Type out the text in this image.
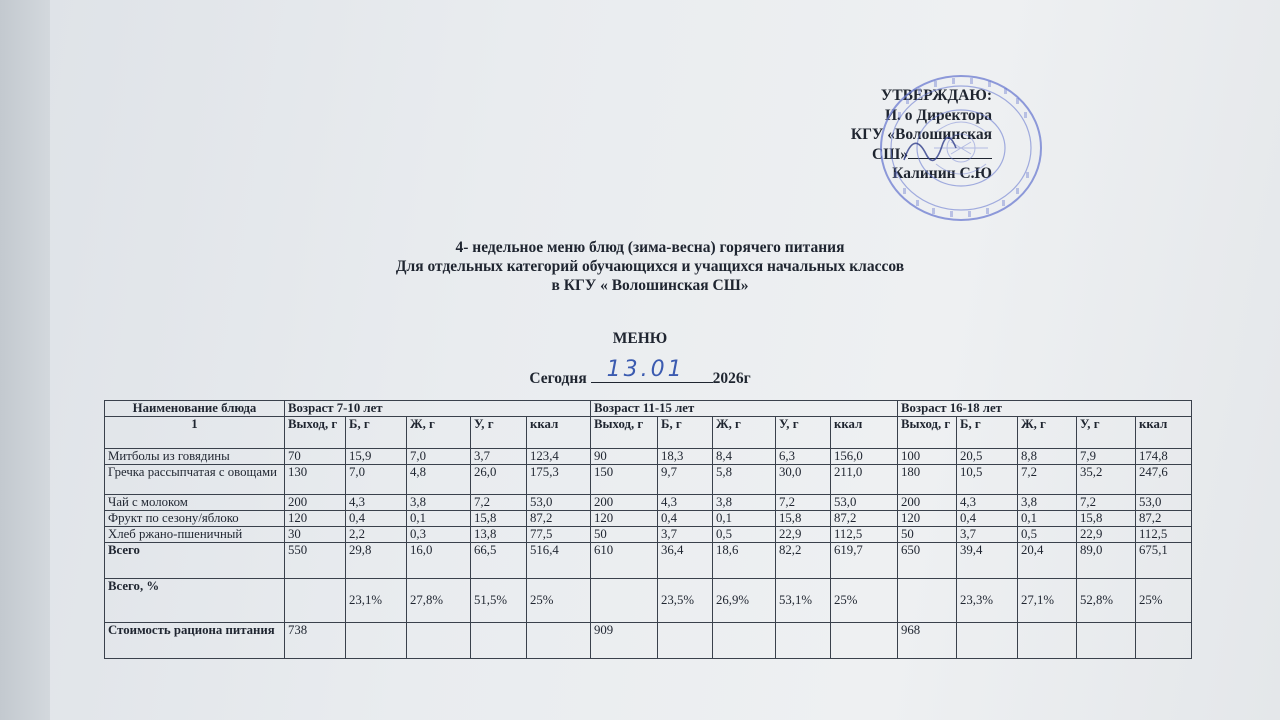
УТВЕРЖДАЮ:
И. о Директора
КГУ «Волошинская
СШ»
Калинин С.Ю
4- недельное меню блюд (зима-весна) горячего питания
Для отдельных категорий обучающихся и учащихся начальных классов
в КГУ « Волошинская СШ»
МЕНЮ
Сегодня 13.01 2026г
Наименование блюда	Возраст 7-10 лет					Возраст 11-15 лет					Возраст 16-18 лет				
1	Выход, г	Б, г	Ж, г	У, г	ккал	Выход, г	Б, г	Ж, г	У, г	ккал	Выход, г	Б, г	Ж, г	У, г	ккал
Митболы из говядины	70	15,9	7,0	3,7	123,4	90	18,3	8,4	6,3	156,0	100	20,5	8,8	7,9	174,8
Гречка рассыпчатая с овощами	130	7,0	4,8	26,0	175,3	150	9,7	5,8	30,0	211,0	180	10,5	7,2	35,2	247,6
Чай с молоком	200	4,3	3,8	7,2	53,0	200	4,3	3,8	7,2	53,0	200	4,3	3,8	7,2	53,0
Фрукт по сезону/яблоко	120	0,4	0,1	15,8	87,2	120	0,4	0,1	15,8	87,2	120	0,4	0,1	15,8	87,2
Хлеб ржано-пшеничный	30	2,2	0,3	13,8	77,5	50	3,7	0,5	22,9	112,5	50	3,7	0,5	22,9	112,5
Всего	550	29,8	16,0	66,5	516,4	610	36,4	18,6	82,2	619,7	650	39,4	20,4	89,0	675,1
Всего, %		23,1%	27,8%	51,5%	25%		23,5%	26,9%	53,1%	25%		23,3%	27,1%	52,8%	25%
Стоимость рациона питания	738					909					968				
